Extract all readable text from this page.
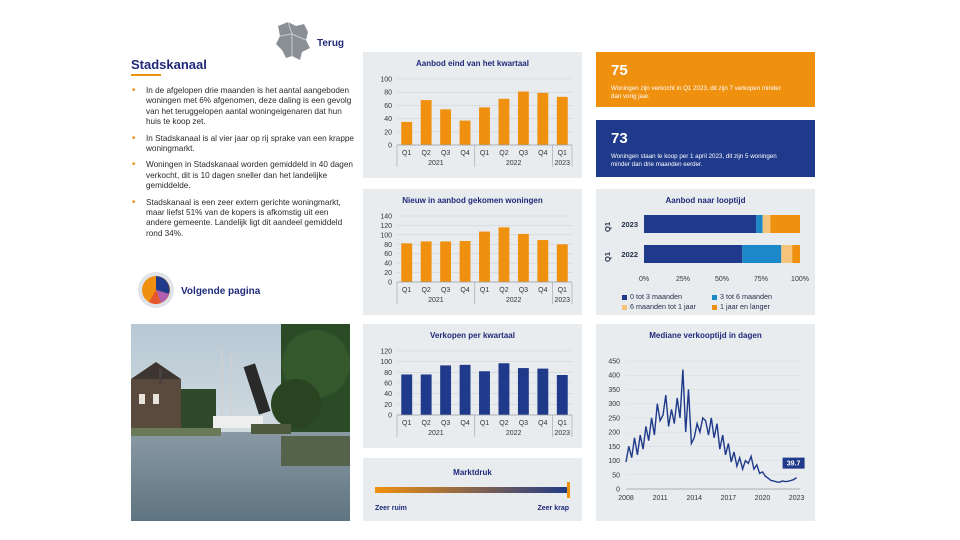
Terug
Stadskanaal
• In de afgelopen drie maanden is het aantal aangeboden woningen met 6% afgenomen, deze daling is een gevolg van het teruggelopen aantal woningeigenaren dat hun huis te koop zet.
• In Stadskanaal is al vier jaar op rij sprake van een krappe woningmarkt.
• Woningen in Stadskanaal worden gemiddeld in 40 dagen verkocht, dit is 10 dagen sneller dan het landelijke gemiddelde.
• Stadskanaal is een zeer extern gerichte woningmarkt, maar liefst 51% van de kopers is afkomstig uit een andere gemeente. Landelijk ligt dit aandeel gemiddeld rond 34%.
Volgende pagina
Aanbod eind van het kwartaal
0
20
40
60
80
100
Q1 Q2 Q3 Q4 Q1 Q2 Q3 Q4 Q1
2021	2022	2023
Nieuw in aanbod gekomen woningen
0
20
40
60
80
100
120
140
Q1 Q2 Q3 Q4 Q1 Q2 Q3 Q4 Q1
2021	2022	2023
Verkopen per kwartaal
0
20
40
60
80
100
120
Q1 Q2 Q3 Q4 Q1 Q2 Q3 Q4 Q1
2021	2022	2023
Marktdruk
Zeer ruim	Zeer krap
75
Woningen zijn verkocht in Q1 2023, dit zijn 7 verkopen minder dan vorig jaar.
73
Woningen staan te koop per 1 april 2023, dit zijn 5 woningen minder dan drie maanden eerder.
Aanbod naar looptijd
2023
2022
Q1
Q1
0%	25%	50%	75%	100%
0 tot 3 maanden	3 tot 6 maanden 6 maanden tot 1 jaar	1 jaar en langer
Mediane verkooptijd in dagen
0
50
100
150
200
250
300
350
400
450
2008	2011	2014	2017	2020	2023
39.7
